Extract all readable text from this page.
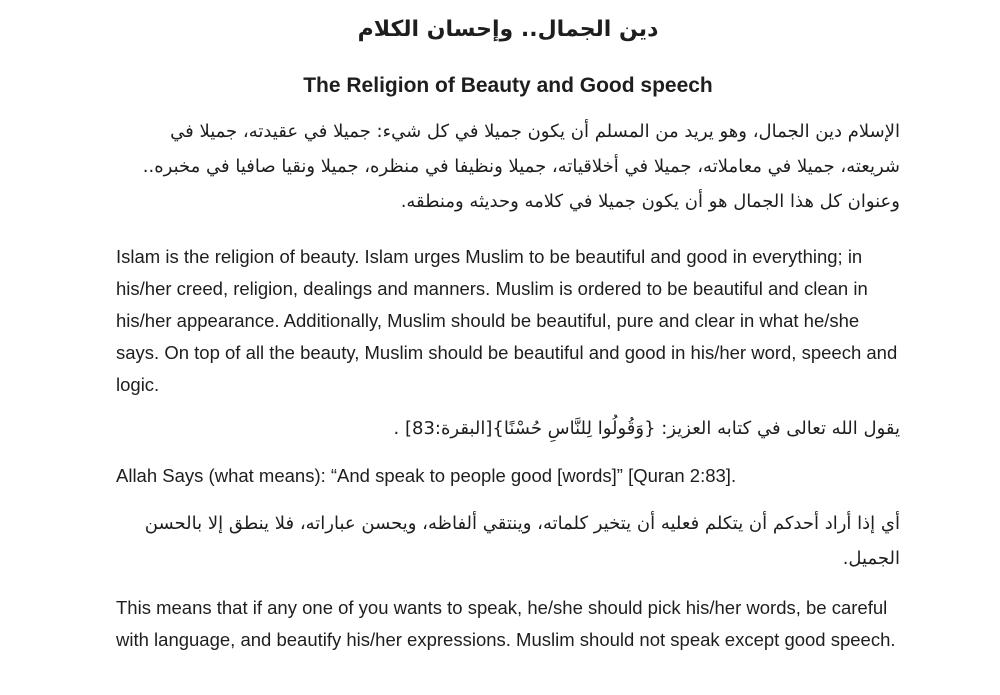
دين الجمال.. وإحسان الكلام
The Religion of Beauty and Good speech

الإسلام دين الجمال، وهو يريد من المسلم أن يكون جميلا في كل شيء: جميلا في عقيدته، جميلا في شريعته، جميلا في معاملاته، جميلا في أخلاقياته، جميلا ونظيفا في منظره، جميلا ونقيا صافيا في مخبره.. وعنوان كل هذا الجمال هو أن يكون جميلا في كلامه وحديثه ومنطقه.

Islam is the religion of beauty. Islam urges Muslim to be beautiful and good in everything; in his/her creed, religion, dealings and manners. Muslim is ordered to be beautiful and clean in his/her appearance. Additionally, Muslim should be beautiful, pure and clear in what he/she says. On top of all the beauty, Muslim should be beautiful and good in his/her word, speech and logic.

يقول الله تعالى في كتابه العزيز: {وَقُولُوا لِلنَّاسِ حُسْنًا}[البقرة:83] .

Allah Says (what means): “And speak to people good [words]” [Quran 2:83].

أي إذا أراد أحدكم أن يتكلم فعليه أن يتخير كلماته، وينتقي ألفاظه، ويحسن عباراته، فلا ينطق إلا بالحسن الجميل.

This means that if any one of you wants to speak, he/she should pick his/her words, be careful with language, and beautify his/her expressions. Muslim should not speak except good speech.
